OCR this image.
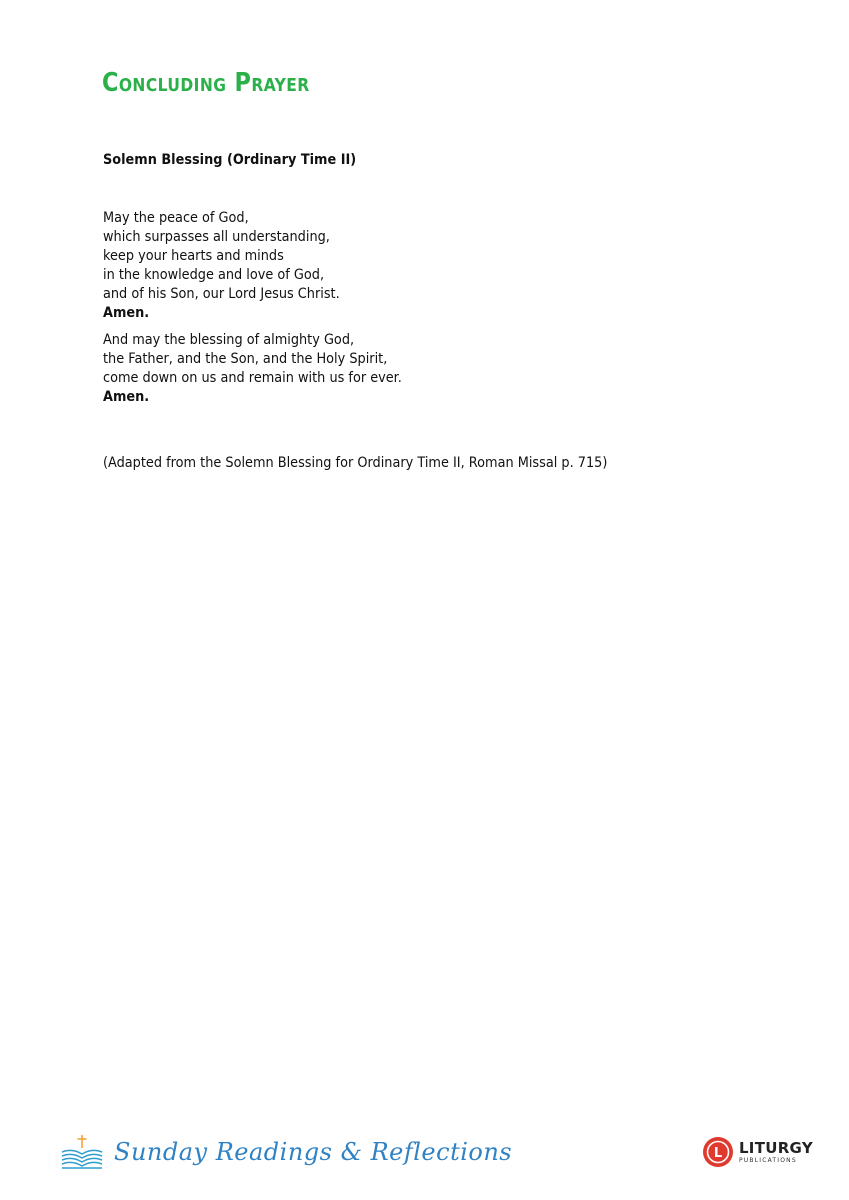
Concluding Prayer
Solemn Blessing (Ordinary Time II)
May the peace of God,
which surpasses all understanding,
keep your hearts and minds
in the knowledge and love of God,
and of his Son, our Lord Jesus Christ.
Amen.
And may the blessing of almighty God,
the Father, and the Son, and the Holy Spirit,
come down on us and remain with us for ever.
Amen.
(Adapted from the Solemn Blessing for Ordinary Time II, Roman Missal p. 715)
Sunday Readings & Reflections	L LITURGY
PUBLICATIONS
